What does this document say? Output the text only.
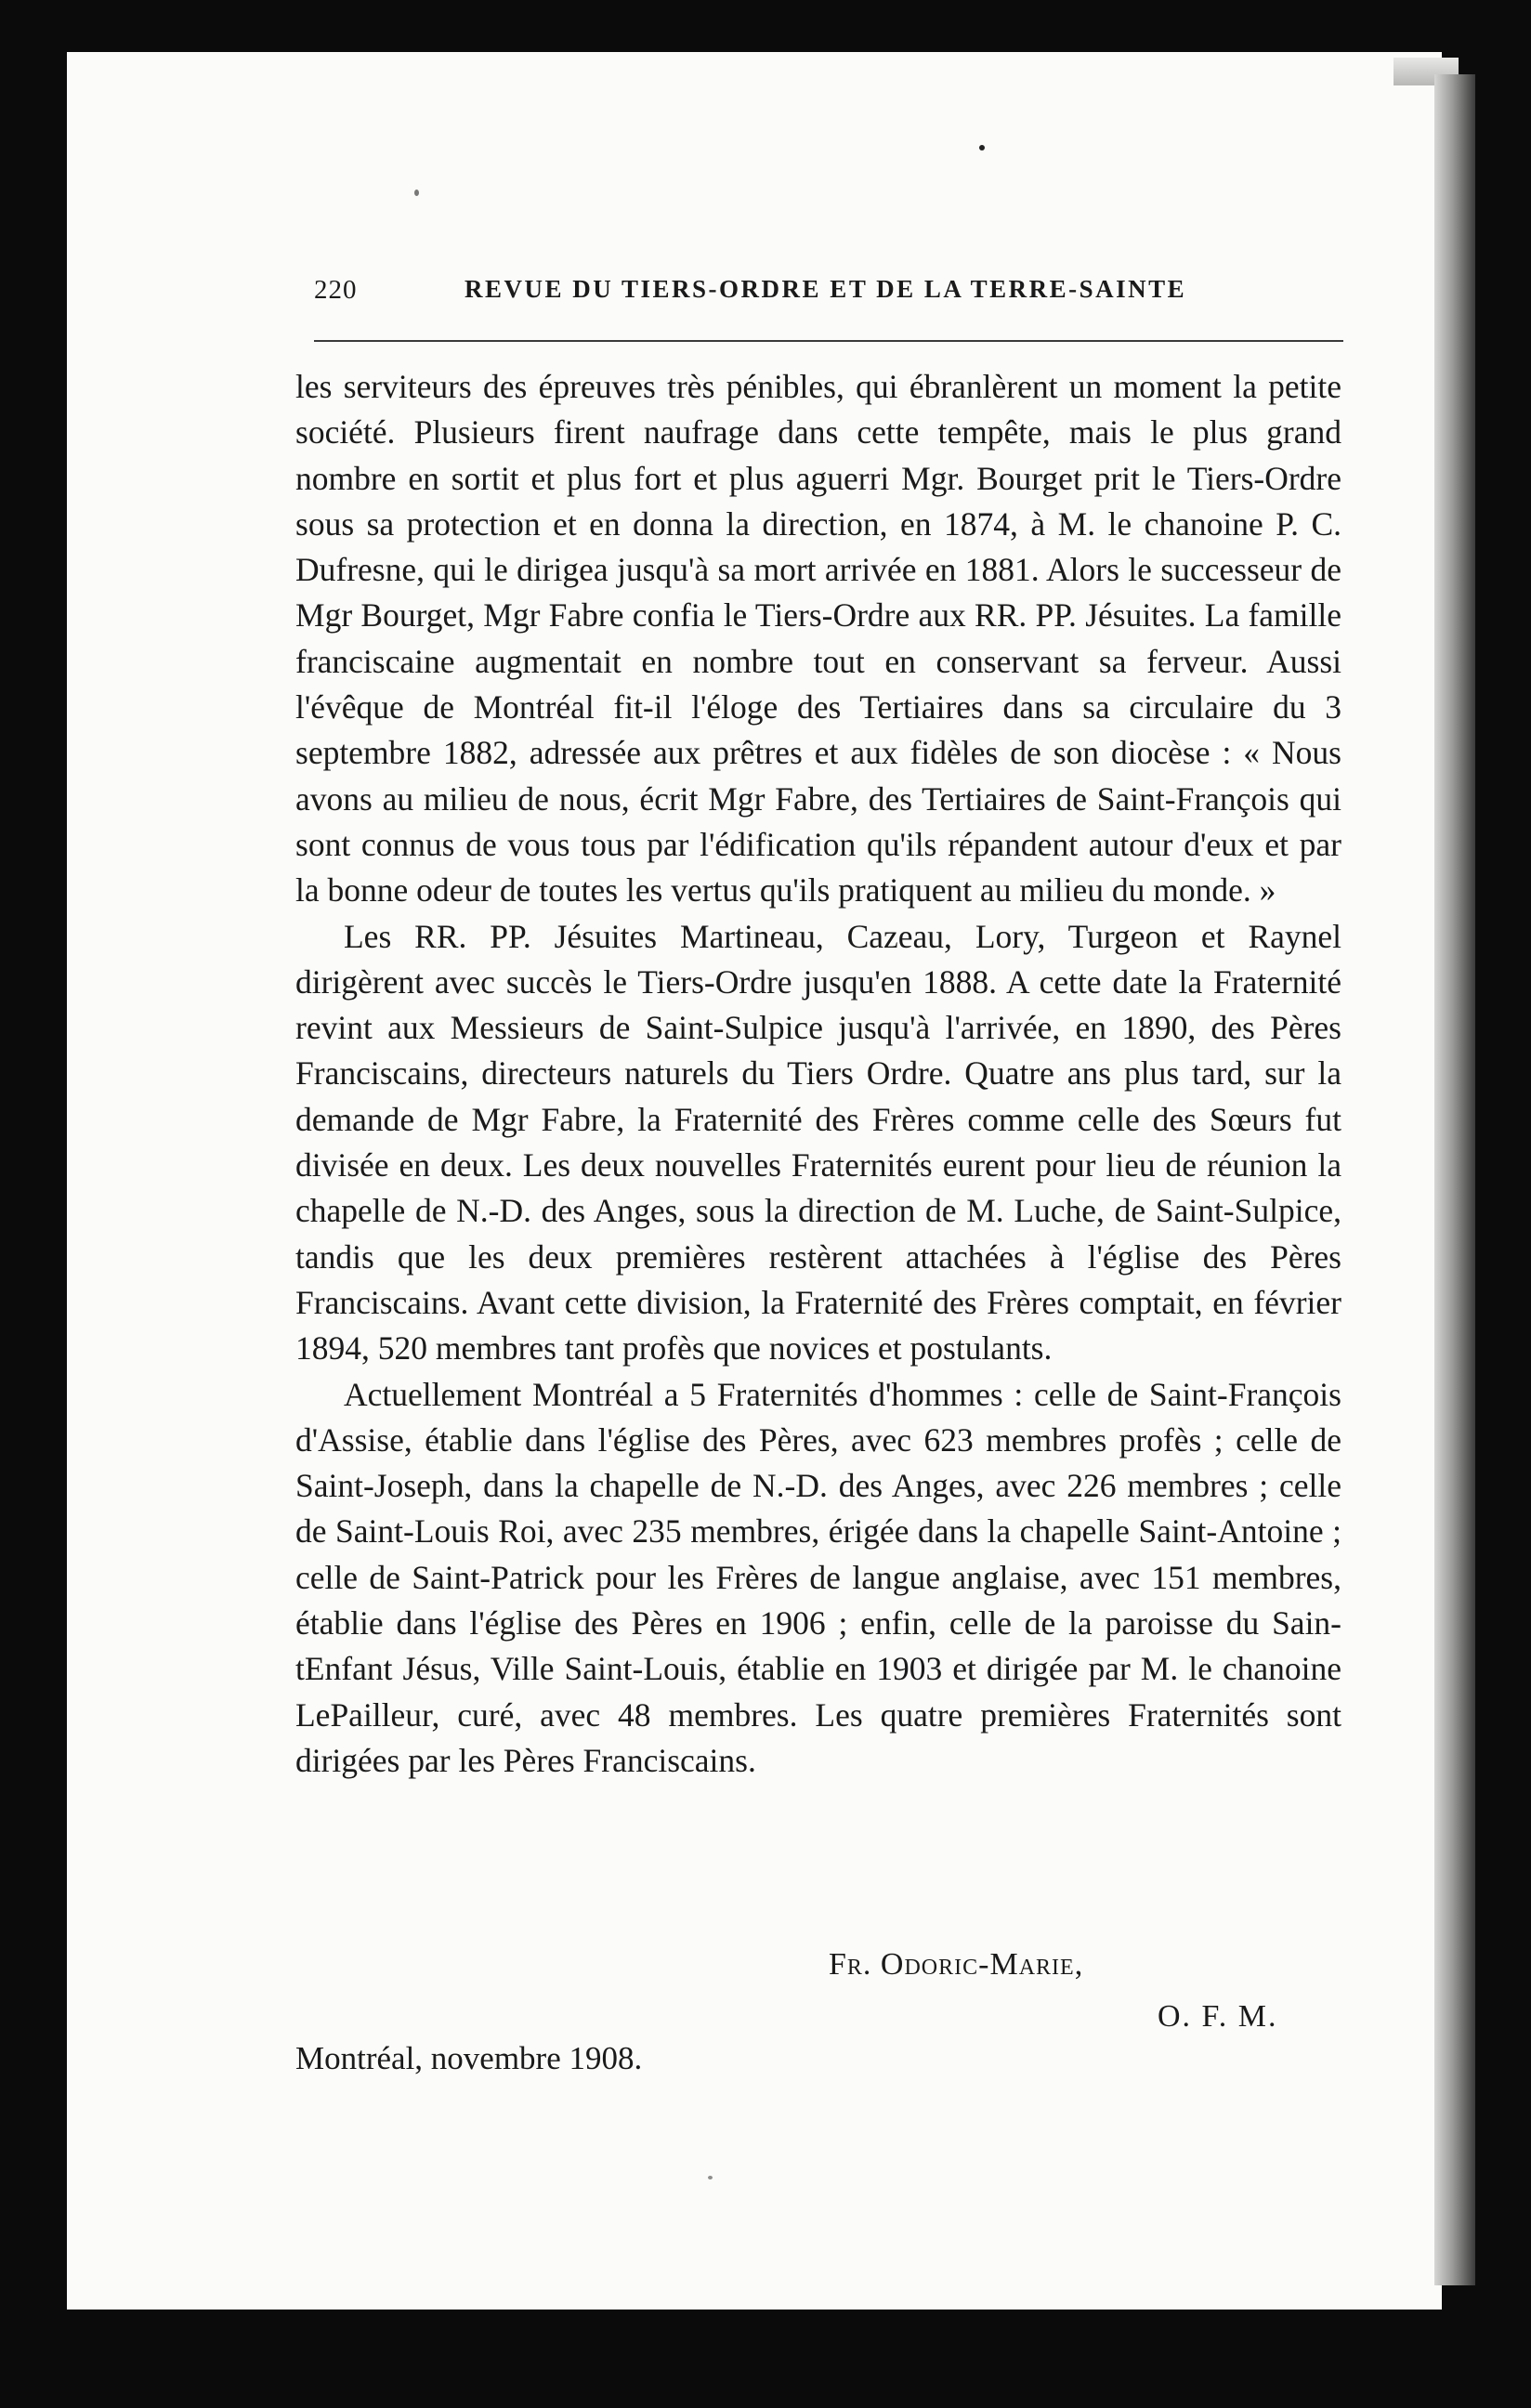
220	REVUE DU TIERS-ORDRE ET DE LA TERRE-SAINTE

les serviteurs des épreuves très pénibles, qui ébranlèrent un moment la petite société. Plusieurs firent naufrage dans cette tempête, mais le plus grand nombre en sortit et plus fort et plus aguerri Mgr. Bourget prit le Tiers-Ordre sous sa protection et en donna la direction, en 1874, à M. le chanoine P. C. Dufresne, qui le dirigea jusqu'à sa mort arrivée en 1881. Alors le successeur de Mgr Bourget, Mgr Fabre confia le Tiers-Ordre aux RR. PP. Jésuites. La famille franciscaine augmentait en nombre tout en conservant sa ferveur. Aussi l'évêque de Montréal fit-il l'éloge des Tertiaires dans sa circulaire du 3 septembre 1882, adressée aux prêtres et aux fidèles de son diocèse : « Nous avons au milieu de nous, écrit Mgr Fabre, des Tertiaires de Saint-François qui sont connus de vous tous par l'édification qu'ils répandent autour d'eux et par la bonne odeur de toutes les vertus qu'ils pratiquent au milieu du monde. »

Les RR. PP. Jésuites Martineau, Cazeau, Lory, Turgeon et Raynel dirigèrent avec succès le Tiers-Ordre jusqu'en 1888. A cette date la Fraternité revint aux Messieurs de Saint-Sulpice jusqu'à l'arrivée, en 1890, des Pères Franciscains, directeurs naturels du Tiers Ordre. Quatre ans plus tard, sur la demande de Mgr Fabre, la Fraternité des Frères comme celle des Sœurs fut divisée en deux. Les deux nouvelles Fraternités eurent pour lieu de réunion la chapelle de N.-D. des Anges, sous la direction de M. Luche, de Saint-Sulpice, tandis que les deux premières restèrent attachées à l'église des Pères Franciscains. Avant cette division, la Fraternité des Frères comptait, en février 1894, 520 membres tant profès que novices et postulants.

Actuellement Montréal a 5 Fraternités d'hommes : celle de Saint-François d'Assise, établie dans l'église des Pères, avec 623 membres profès ; celle de Saint-Joseph, dans la chapelle de N.-D. des Anges, avec 226 membres ; celle de Saint-Louis Roi, avec 235 membres, érigée dans la chapelle Saint-Antoine ; celle de Saint-Patrick pour les Frères de langue anglaise, avec 151 membres, établie dans l'église des Pères en 1906 ; enfin, celle de la paroisse du Sain-tEnfant Jésus, Ville Saint-Louis, établie en 1903 et dirigée par M. le chanoine LePailleur, curé, avec 48 membres. Les quatre premières Fraternités sont dirigées par les Pères Franciscains.

Fr. Odoric-Marie,
O. F. M.
Montréal, novembre 1908.
